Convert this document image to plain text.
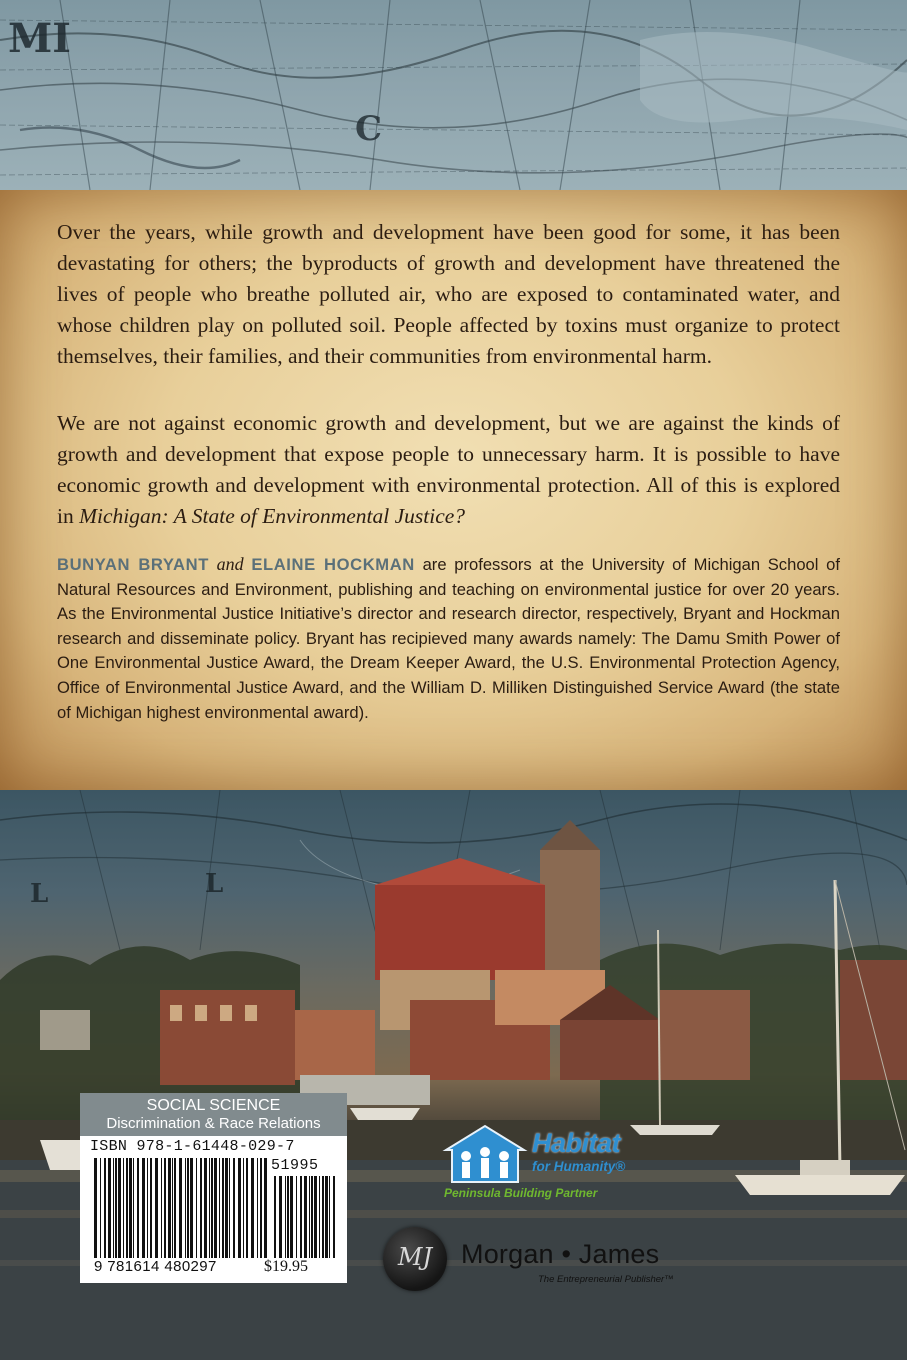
MI
C

Over the years, while growth and development have been good for some, it has been devastating for others; the byproducts of growth and development have threatened the lives of people who breathe polluted air, who are exposed to contaminated water, and whose children play on polluted soil. People affected by toxins must organize to protect themselves, their families, and their communities from environmental harm.

We are not against economic growth and development, but we are against the kinds of growth and development that expose people to unnecessary harm. It is possible to have economic growth and development with environmental protection. All of this is explored in Michigan: A State of Environmental Justice?

BUNYAN BRYANT and ELAINE HOCKMAN are professors at the University of Michigan School of Natural Resources and Environment, publishing and teaching on environmental justice for over 20 years. As the Environmental Justice Initiative’s director and research director, respectively, Bryant and Hockman research and disseminate policy. Bryant has recipieved many awards namely: The Damu Smith Power of One Environmental Justice Award, the Dream Keeper Award, the U.S. Environmental Protection Agency, Office of Environmental Justice Award, and the William D. Milliken Distinguished Service Award (the state of Michigan highest environmental award).

L	L
SOCIAL SCIENCE
Discrimination & Race Relations
ISBN 978-1-61448-029-7
51995
9 781614 480297	$19.95
Habitat
for Humanity®
Peninsula Building Partner
MJ	Morgan • James
The Entrepreneurial Publisher™
